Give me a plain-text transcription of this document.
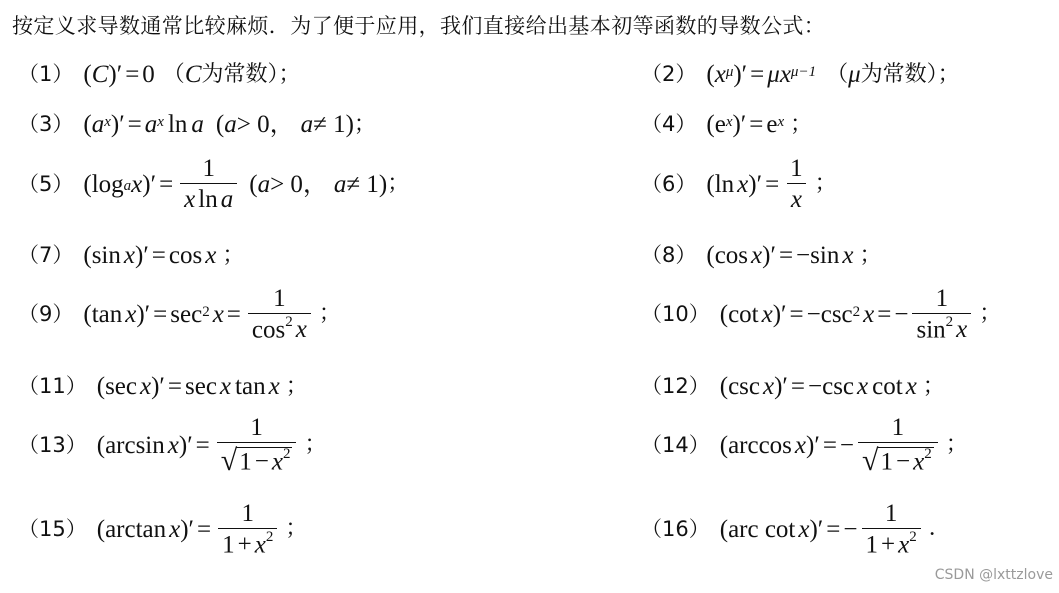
按定义求导数通常比较麻烦．为了便于应用，我们直接给出基本初等函数的导数公式：
（1） ( C )′ = 0 （ C 为常数）；	（2） ( $x^\mu$ )′ = μ $x^{\mu-1}$ （ μ 为常数）；
（3） ( $a^x$ )′ = $a^x$ ln a ( a > 0， a ≠ 1) ；	（4） ( $e^x$ )′ = $e^x$ ；
（5） ( $\log_a x$ )′ = $\frac{1}{\text{x ln a}}$ ( a > 0， a ≠ 1) ；	（6） ( ln x )′ = $\frac{1}{x}$ ；
（7） ( sin x )′ = cos x ；	（8） ( cos x )′ = − sin x ；
（9） ( tan x )′ = $\sec^2 x = \frac{1}{\cos^2 x}$ ；	（10） ( cot x )′ = − $\csc^2 x$ = − $\frac{1}{\sin^2 x}$ ；
（11） ( sec x )′ = sec x tan x ；	（12） ( csc x )′ = − csc x cot x ；
（13） ( arcsin x )′ = $\frac{1}{√ 1 - x^2}$ ；	（14） ( arccos x )′ = − $\frac{1}{√ 1 - x^2}$ ；
（15） ( arctan x )′ = $\frac{1}{1 + x^2}$ ；	（16） ( arc cot x )′ = − $\frac{1}{1 + x^2}$ ．
CSDN @lxttzlove
